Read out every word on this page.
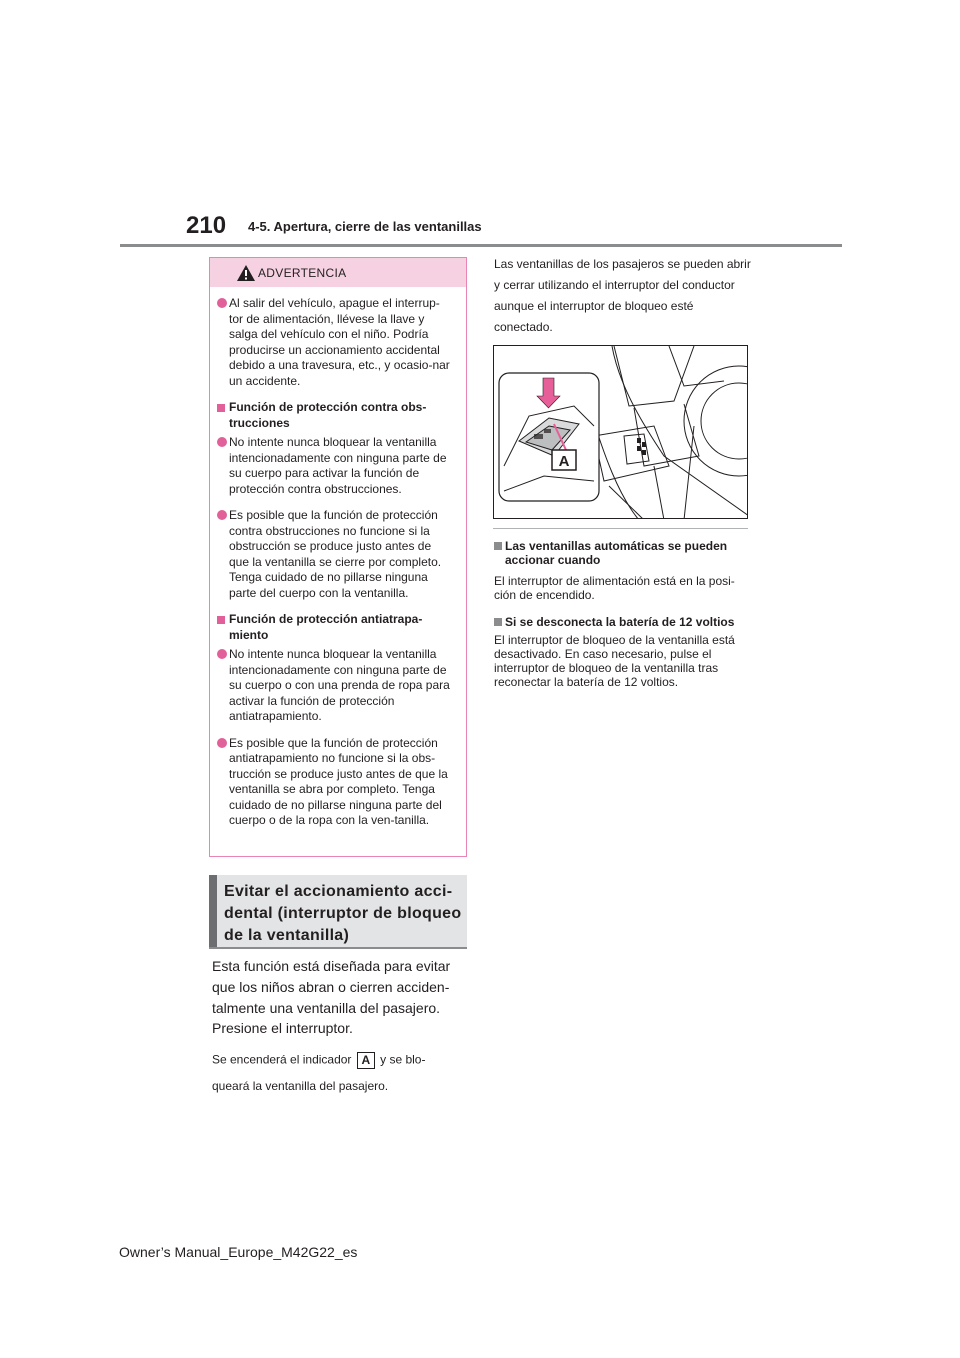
210 4-5. Apertura, cierre de las ventanillas
ADVERTENCIA
Al salir del vehículo, apague el interrup-tor de alimentación, llévese la llave y salga del vehículo con el niño. Podría producirse un accionamiento accidental debido a una travesura, etc., y ocasio-nar un accidente.
Función de protección contra obs-trucciones
No intente nunca bloquear la ventanilla intencionadamente con ninguna parte de su cuerpo para activar la función de protección contra obstrucciones.
Es posible que la función de protección contra obstrucciones no funcione si la obstrucción se produce justo antes de que la ventanilla se cierre por completo. Tenga cuidado de no pillarse ninguna parte del cuerpo con la ventanilla.
Función de protección antiatrapa-miento
No intente nunca bloquear la ventanilla intencionadamente con ninguna parte de su cuerpo o con una prenda de ropa para activar la función de protección antiatrapamiento.
Es posible que la función de protección antiatrapamiento no funcione si la obs-trucción se produce justo antes de que la ventanilla se abra por completo. Tenga cuidado de no pillarse ninguna parte del cuerpo o de la ropa con la ven-tanilla.
Evitar el accionamiento acci-dental (interruptor de bloqueo de la ventanilla)
Esta función está diseñada para evitar que los niños abran o cierren acciden-talmente una ventanilla del pasajero.
Presione el interruptor.
Se encenderá el indicador A y se blo-
queará la ventanilla del pasajero.
Las ventanillas de los pasajeros se pueden abrir y cerrar utilizando el interruptor del conductor aunque el interruptor de bloqueo esté conectado.
A
Las ventanillas automáticas se pueden accionar cuando
El interruptor de alimentación está en la posi-ción de encendido.
Si se desconecta la batería de 12 voltios
El interruptor de bloqueo de la ventanilla está desactivado. En caso necesario, pulse el interruptor de bloqueo de la ventanilla tras reconectar la batería de 12 voltios.
Owner’s Manual_Europe_M42G22_es
